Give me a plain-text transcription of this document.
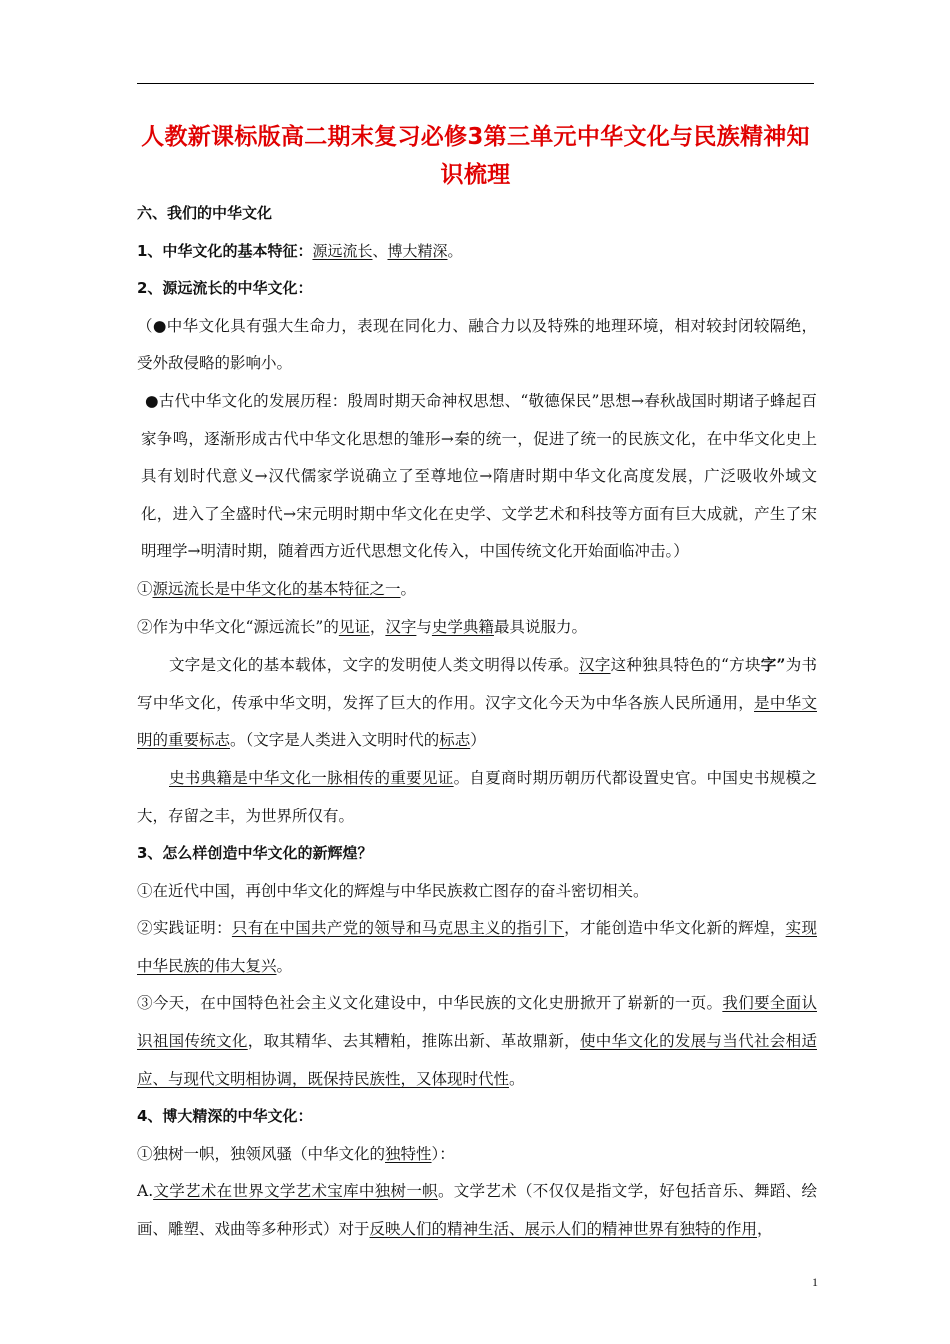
人教新课标版高二期末复习必修3第三单元中华文化与民族精神知识梳理

六、我们的中华文化

1、中华文化的基本特征：源远流长、博大精深。

2、源远流长的中华文化：

（●中华文化具有强大生命力，表现在同化力、融合力以及特殊的地理环境，相对较封闭较隔绝，受外敌侵略的影响小。

●古代中华文化的发展历程：殷周时期天命神权思想、“敬德保民”思想→春秋战国时期诸子蜂起百家争鸣，逐渐形成古代中华文化思想的雏形→秦的统一，促进了统一的民族文化，在中华文化史上具有划时代意义→汉代儒家学说确立了至尊地位→隋唐时期中华文化高度发展，广泛吸收外域文化，进入了全盛时代→宋元明时期中华文化在史学、文学艺术和科技等方面有巨大成就，产生了宋明理学→明清时期，随着西方近代思想文化传入，中国传统文化开始面临冲击。）

①源远流长是中华文化的基本特征之一。

②作为中华文化“源远流长”的见证，汉字与史学典籍最具说服力。

文字是文化的基本载体，文字的发明使人类文明得以传承。汉字这种独具特色的“方块字”为书写中华文化，传承中华文明，发挥了巨大的作用。汉字文化今天为中华各族人民所通用，是中华文明的重要标志。（文字是人类进入文明时代的标志）

史书典籍是中华文化一脉相传的重要见证。自夏商时期历朝历代都设置史官。中国史书规模之大，存留之丰，为世界所仅有。

3、怎么样创造中华文化的新辉煌？

①在近代中国，再创中华文化的辉煌与中华民族救亡图存的奋斗密切相关。

②实践证明：只有在中国共产党的领导和马克思主义的指引下，才能创造中华文化新的辉煌，实现中华民族的伟大复兴。

③今天，在中国特色社会主义文化建设中，中华民族的文化史册掀开了崭新的一页。我们要全面认识祖国传统文化，取其精华、去其糟粕，推陈出新、革故鼎新，使中华文化的发展与当代社会相适应、与现代文明相协调，既保持民族性，又体现时代性。

4、博大精深的中华文化：

①独树一帜，独领风骚（中华文化的独特性）：

A.文学艺术在世界文学艺术宝库中独树一帜。文学艺术（不仅仅是指文学，好包括音乐、舞蹈、绘画、雕塑、戏曲等多种形式）对于反映人们的精神生活、展示人们的精神世界有独特的作用，

1
